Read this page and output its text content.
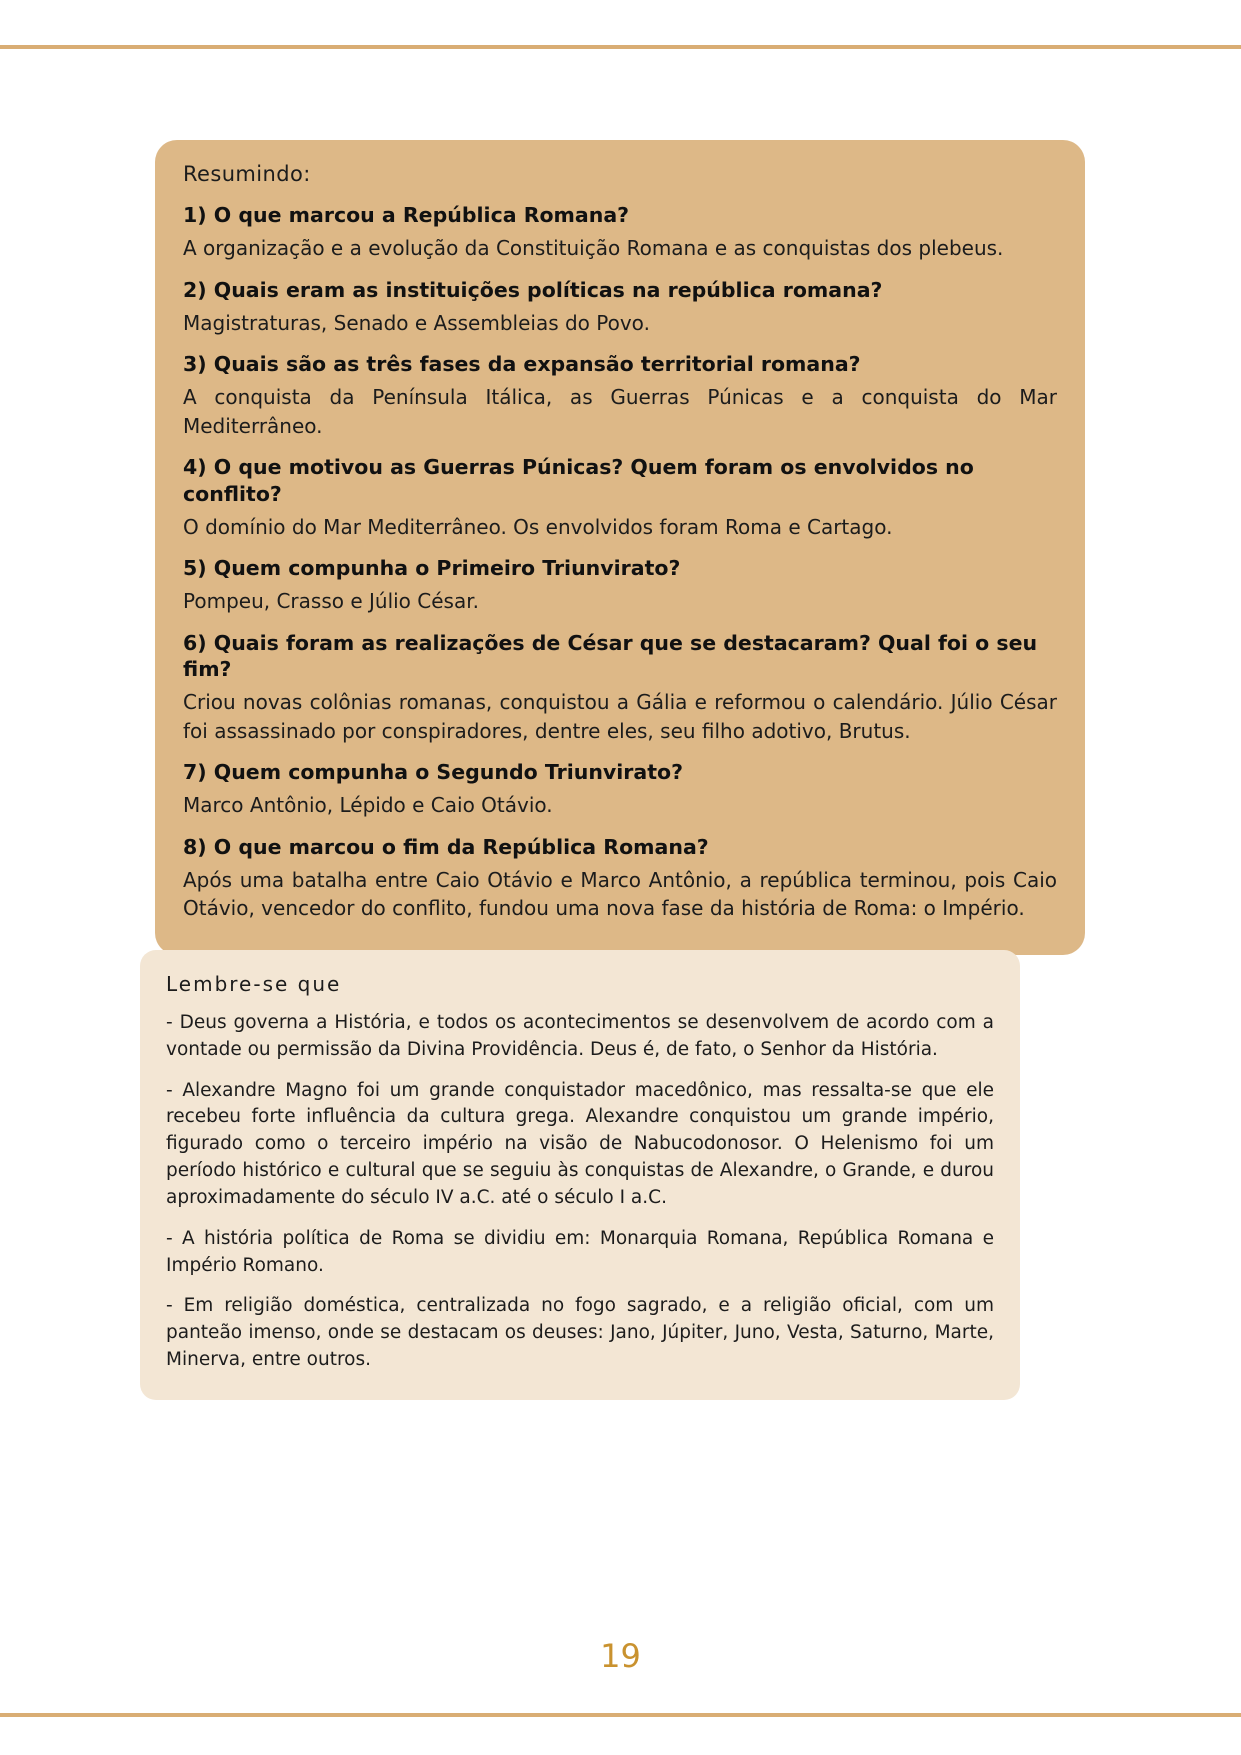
Resumindo:

1) O que marcou a República Romana?

A organização e a evolução da Constituição Romana e as conquistas dos plebeus.

2) Quais eram as instituições políticas na república romana?

Magistraturas, Senado e Assembleias do Povo.

3) Quais são as três fases da expansão territorial romana?

A conquista da Península Itálica, as Guerras Púnicas e a conquista do Mar Mediterrâneo.

4) O que motivou as Guerras Púnicas? Quem foram os envolvidos no conflito?

O domínio do Mar Mediterrâneo. Os envolvidos foram Roma e Cartago.

5) Quem compunha o Primeiro Triunvirato?

Pompeu, Crasso e Júlio César.

6) Quais foram as realizações de César que se destacaram? Qual foi o seu fim?

Criou novas colônias romanas, conquistou a Gália e reformou o calendário. Júlio César foi assassinado por conspiradores, dentre eles, seu filho adotivo, Brutus.

7) Quem compunha o Segundo Triunvirato?

Marco Antônio, Lépido e Caio Otávio.

8) O que marcou o fim da República Romana?

Após uma batalha entre Caio Otávio e Marco Antônio, a república terminou, pois Caio Otávio, vencedor do conflito, fundou uma nova fase da história de Roma: o Império.

Lembre-se que

- Deus governa a História, e todos os acontecimentos se desenvolvem de acordo com a vontade ou permissão da Divina Providência. Deus é, de fato, o Senhor da História.

- Alexandre Magno foi um grande conquistador macedônico, mas ressalta-se que ele recebeu forte influência da cultura grega. Alexandre conquistou um grande império, figurado como o terceiro império na visão de Nabucodonosor. O Helenismo foi um período histórico e cultural que se seguiu às conquistas de Alexandre, o Grande, e durou aproximadamente do século IV a.C. até o século I a.C.

- A história política de Roma se dividiu em: Monarquia Romana, República Romana e Império Romano.

- Em religião doméstica, centralizada no fogo sagrado, e a religião oficial, com um panteão imenso, onde se destacam os deuses: Jano, Júpiter, Juno, Vesta, Saturno, Marte, Minerva, entre outros.

19
